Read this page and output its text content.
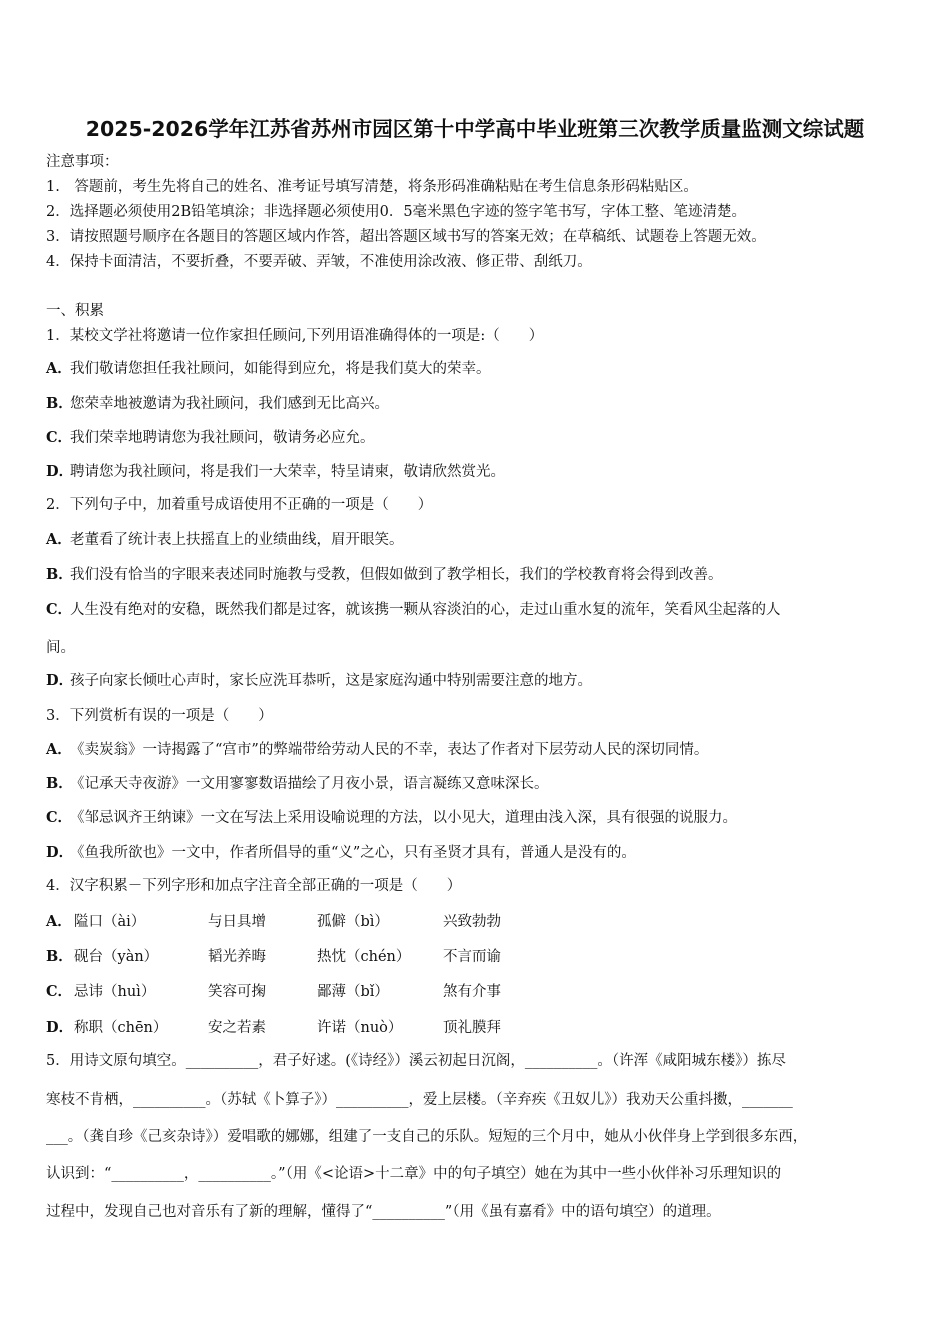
2025-2026学年江苏省苏州市园区第十中学高中毕业班第三次教学质量监测文综试题
注意事项：
1.　答题前，考生先将自己的姓名、准考证号填写清楚，将条形码准确粘贴在考生信息条形码粘贴区。
2．选择题必须使用2B铅笔填涂；非选择题必须使用0．5毫米黑色字迹的签字笔书写，字体工整、笔迹清楚。
3．请按照题号顺序在各题目的答题区域内作答，超出答题区域书写的答案无效；在草稿纸、试题卷上答题无效。
4．保持卡面清洁，不要折叠，不要弄破、弄皱，不准使用涂改液、修正带、刮纸刀。
一、积累
1．某校文学社将邀请一位作家担任顾问,下列用语准确得体的一项是:（　　）
A．我们敬请您担任我社顾问，如能得到应允，将是我们莫大的荣幸。
B．您荣幸地被邀请为我社顾问，我们感到无比高兴。
C．我们荣幸地聘请您为我社顾问，敬请务必应允。
D．聘请您为我社顾问，将是我们一大荣幸，特呈请柬，敬请欣然赏光。
2．下列句子中，加着重号成语使用不正确的一项是（　　）
A．老董看了统计表上扶摇直上的业绩曲线，眉开眼笑。
B．我们没有恰当的字眼来表述同时施教与受教，但假如做到了教学相长，我们的学校教育将会得到改善。
C．人生没有绝对的安稳，既然我们都是过客，就该携一颗从容淡泊的心，走过山重水复的流年，笑看风尘起落的人
间。
D．孩子向家长倾吐心声时，家长应洗耳恭听，这是家庭沟通中特别需要注意的地方。
3．下列赏析有误的一项是（　　）
A．《卖炭翁》一诗揭露了“宫市”的弊端带给劳动人民的不幸，表达了作者对下层劳动人民的深切同情。
B．《记承天寺夜游》一文用寥寥数语描绘了月夜小景，语言凝练又意味深长。
C．《邹忌讽齐王纳谏》一文在写法上采用设喻说理的方法，以小见大，道理由浅入深，具有很强的说服力。
D．《鱼我所欲也》一文中，作者所倡导的重“义”之心，只有圣贤才具有，普通人是没有的。
4．汉字积累－下列字形和加点字注音全部正确的一项是（　　）
A． 隘口（ài）	与日具增	孤僻（bì）	兴致勃勃
B． 砚台（yàn）	韬光养晦	热忱（chén） 不言而谕
C． 忌讳（huì）	笑容可掬	鄙薄（bǐ）	煞有介事
D． 称职（chēn）	安之若素	许诺（nuò）	顶礼膜拜
5．用诗文原句填空。__________，君子好逑。(《诗经》）溪云初起日沉阁，__________。（许浑《咸阳城东楼》）拣尽
寒枝不肯栖，__________。（苏轼《卜算子》）__________，爱上层楼。（辛弃疾《丑奴儿》）我劝天公重抖擞，_______
___。（龚自珍《己亥杂诗》）爱唱歌的娜娜，组建了一支自己的乐队。短短的三个月中，她从小伙伴身上学到很多东西，
认识到：“__________，__________。”（用《<论语>十二章》中的句子填空）她在为其中一些小伙伴补习乐理知识的
过程中，发现自己也对音乐有了新的理解，懂得了“__________”（用《虽有嘉肴》中的语句填空）的道理。
